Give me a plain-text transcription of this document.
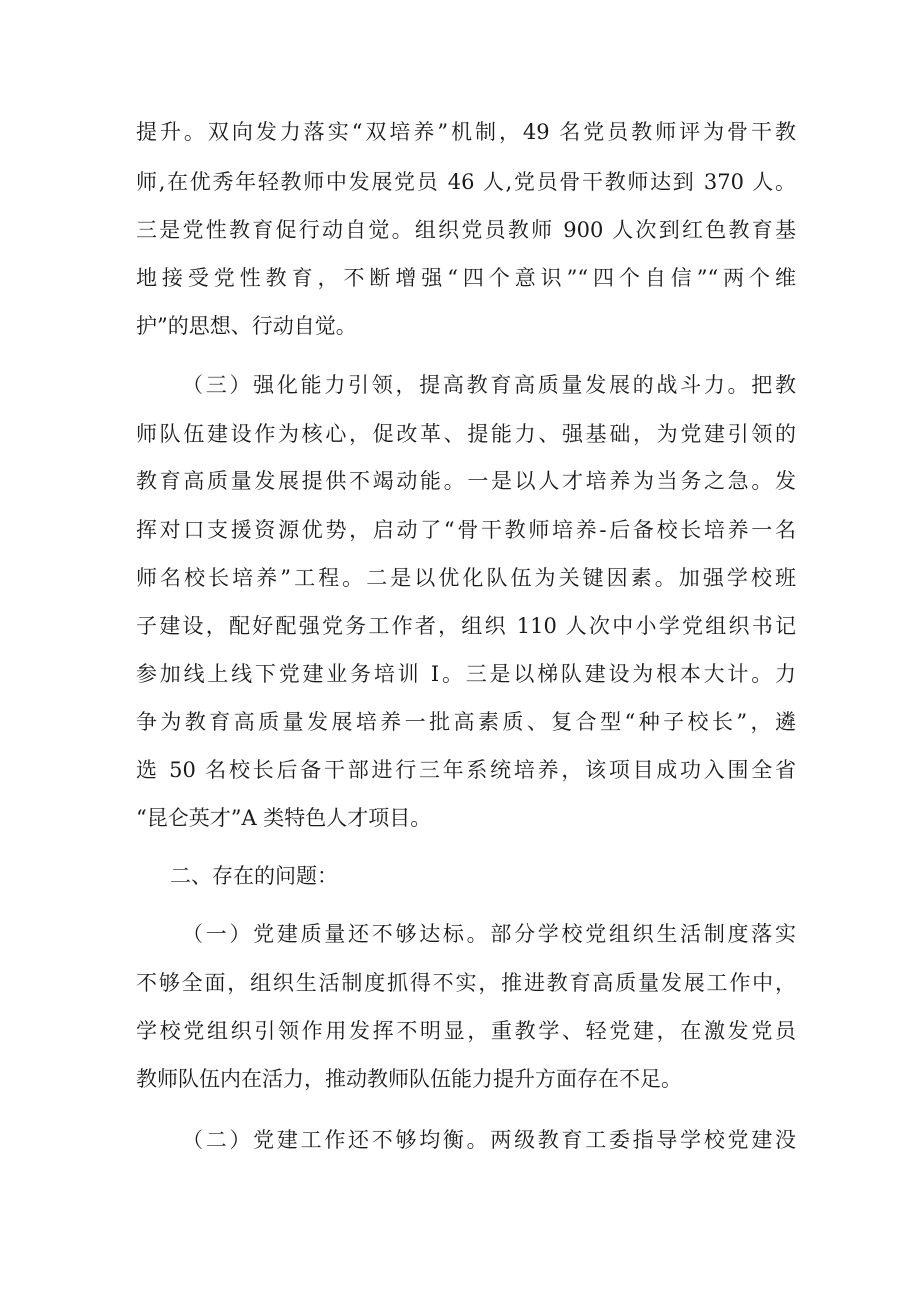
提升。双向发力落实“双培养”机制，49 名党员教师评为骨干教
师,在优秀年轻教师中发展党员 46 人,党员骨干教师达到 370 人。
三是党性教育促行动自觉。组织党员教师 900 人次到红色教育基
地接受党性教育，不断增强“四个意识”“四个自信”“两个维
护”的思想、行动自觉。
（三）强化能力引领，提高教育高质量发展的战斗力。把教
师队伍建设作为核心，促改革、提能力、强基础，为党建引领的
教育高质量发展提供不竭动能。一是以人才培养为当务之急。发
挥对口支援资源优势，启动了“骨干教师培养-后备校长培养一名
师名校长培养”工程。二是以优化队伍为关键因素。加强学校班
子建设，配好配强党务工作者，组织 110 人次中小学党组织书记
参加线上线下党建业务培训 I。三是以梯队建设为根本大计。力
争为教育高质量发展培养一批高素质、复合型“种子校长”，遴
选 50 名校长后备干部进行三年系统培养，该项目成功入围全省
“昆仑英才”A 类特色人才项目。
二、存在的问题：
（一）党建质量还不够达标。部分学校党组织生活制度落实
不够全面，组织生活制度抓得不实，推进教育高质量发展工作中，
学校党组织引领作用发挥不明显，重教学、轻党建，在激发党员
教师队伍内在活力，推动教师队伍能力提升方面存在不足。
（二）党建工作还不够均衡。两级教育工委指导学校党建没
